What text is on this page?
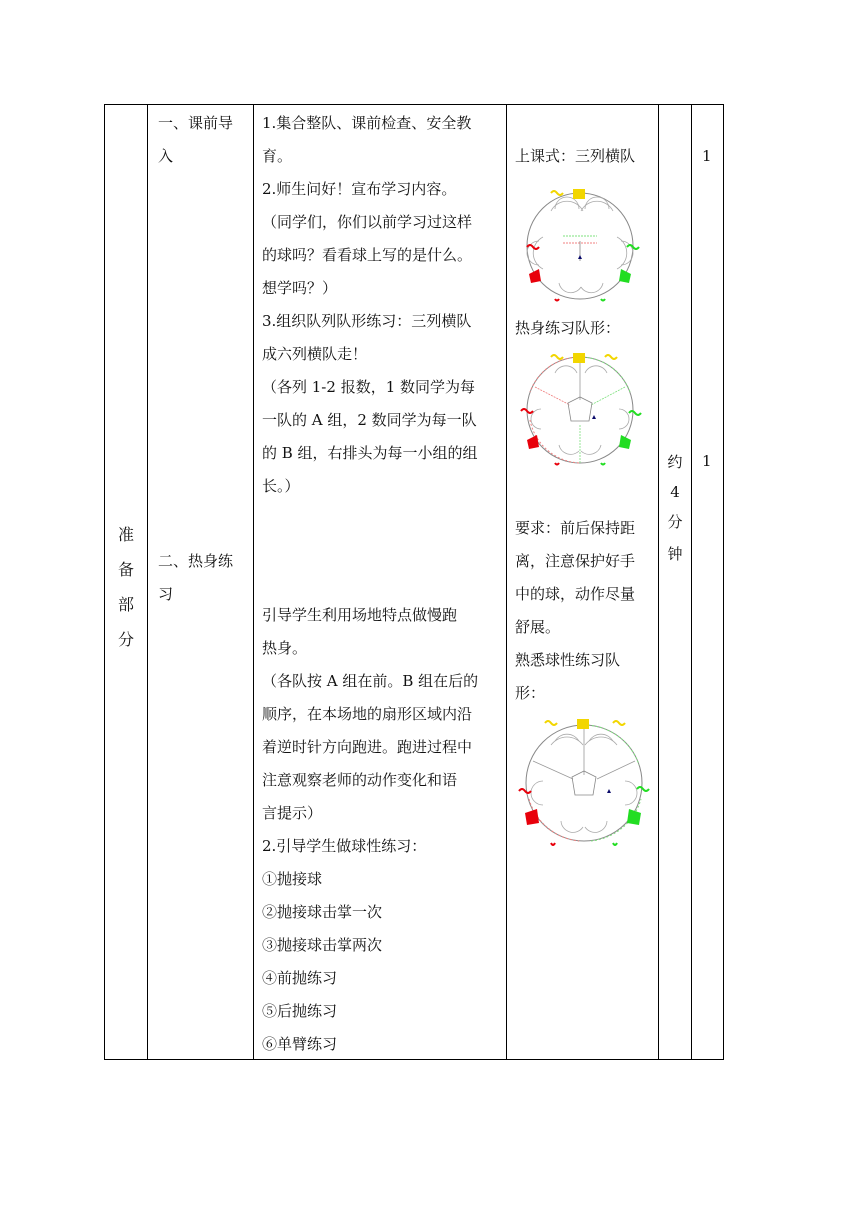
准
备
部
分

一、课前导

入

二、热身练

习

1.集合整队、课前检查、安全教

育。

2.师生问好！宣布学习内容。

（同学们，你们以前学习过这样

的球吗？看看球上写的是什么。

想学吗？）

3.组织队列队形练习：三列横队

成六列横队走！

（各列 1-2 报数，1 数同学为每

一队的 A 组，2 数同学为每一队

的 B 组，右排头为每一小组的组

长。）

引导学生利用场地特点做慢跑

热身。

（各队按 A 组在前。B 组在后的

顺序，在本场地的扇形区域内沿

着逆时针方向跑进。跑进过程中

注意观察老师的动作变化和语

言提示）

2.引导学生做球性练习：

①抛接球

②抛接球击掌一次

③抛接球击掌两次

④前抛练习

⑤后抛练习

⑥单臂练习

上课式：三列横队
热身练习队形：

要求：前后保持距

离，注意保护好手

中的球，动作尽量

舒展。

熟悉球性练习队

形：

约
4
分
钟
1
1
